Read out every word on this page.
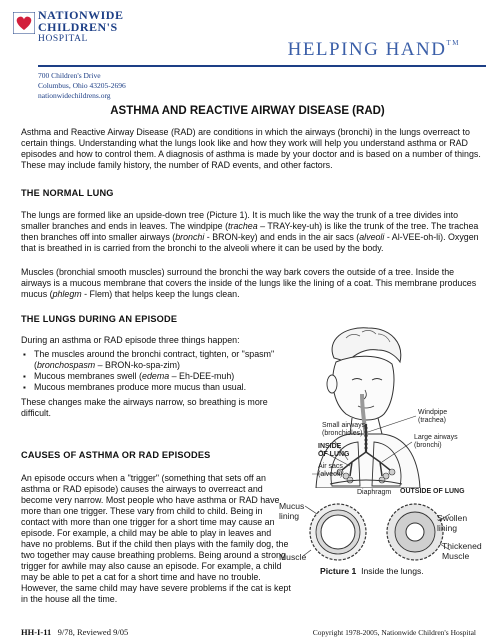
NATIONWIDE
CHILDREN'S
HOSPITAL	HELPING HAND™
700 Children's Drive
Columbus, Ohio 43205-2696
nationwidechildrens.org
ASTHMA AND REACTIVE AIRWAY DISEASE (RAD)
Asthma and Reactive Airway Disease (RAD) are conditions in which the airways (bronchi) in the lungs overreact to certain things. Understanding what the lungs look like and how they work will help you understand asthma or RAD episodes and how to control them. A diagnosis of asthma is made by your doctor and is based on a number of things. These may include family history, the number of RAD events, and other factors.
THE NORMAL LUNG
The lungs are formed like an upside-down tree (Picture 1). It is much like the way the trunk of a tree divides into smaller branches and ends in leaves. The windpipe (trachea – TRAY-key-uh) is like the trunk of the tree. The trachea then branches off into smaller airways (bronchi - BRON-key) and ends in the air sacs (alveoli - Al-VEE-oh-li). Oxygen that is breathed in is carried from the bronchi to the alveoli where it can be used by the body.
Muscles (bronchial smooth muscles) surround the bronchi the way bark covers the outside of a tree. Inside the airways is a mucous membrane that covers the inside of the lungs like the lining of a coat. This membrane produces mucus (phlegm - Flem) that helps keep the lungs clean.
THE LUNGS DURING AN EPISODE
During an asthma or RAD episode three things happen:
▪ The muscles around the bronchi contract, tighten, or "spasm" (bronchospasm – BRON-ko-spa-zim)
▪ Mucous membranes swell (edema – Eh-DEE-muh)
▪ Mucous membranes produce more mucus than usual.
These changes make the airways narrow, so breathing is more difficult.
CAUSES OF ASTHMA OR RAD EPISODES
An episode occurs when a "trigger" (something that sets off an asthma or RAD episode) causes the airways to overreact and become very narrow. Most people who have asthma or RAD have more than one trigger. These vary from child to child. Being in contact with more than one trigger for a short time may cause an episode. For example, a child may be able to play in leaves and have no problems. But if the child then plays with the family dog, the two together may cause breathing problems. Being around a strong trigger for awhile may also cause an episode. For example, a child may be able to pet a cat for a short time and have no trouble. However, the same child may have severe problems if the cat is kept in the house all the time.
Small airways
(bronchioles)
Windpipe
(trachea)
INSIDE
OF LUNG
Large airways
(bronchi)
Air sacs
(alveoli)
Diaphragm OUTSIDE OF LUNG
Mucus
lining
Muscle
Swollen
lining
Thickened
Muscle
Picture 1 Inside the lungs.
HH-I-11 9/78, Reviewed 9/05	Copyright 1978-2005, Nationwide Children's Hospital
